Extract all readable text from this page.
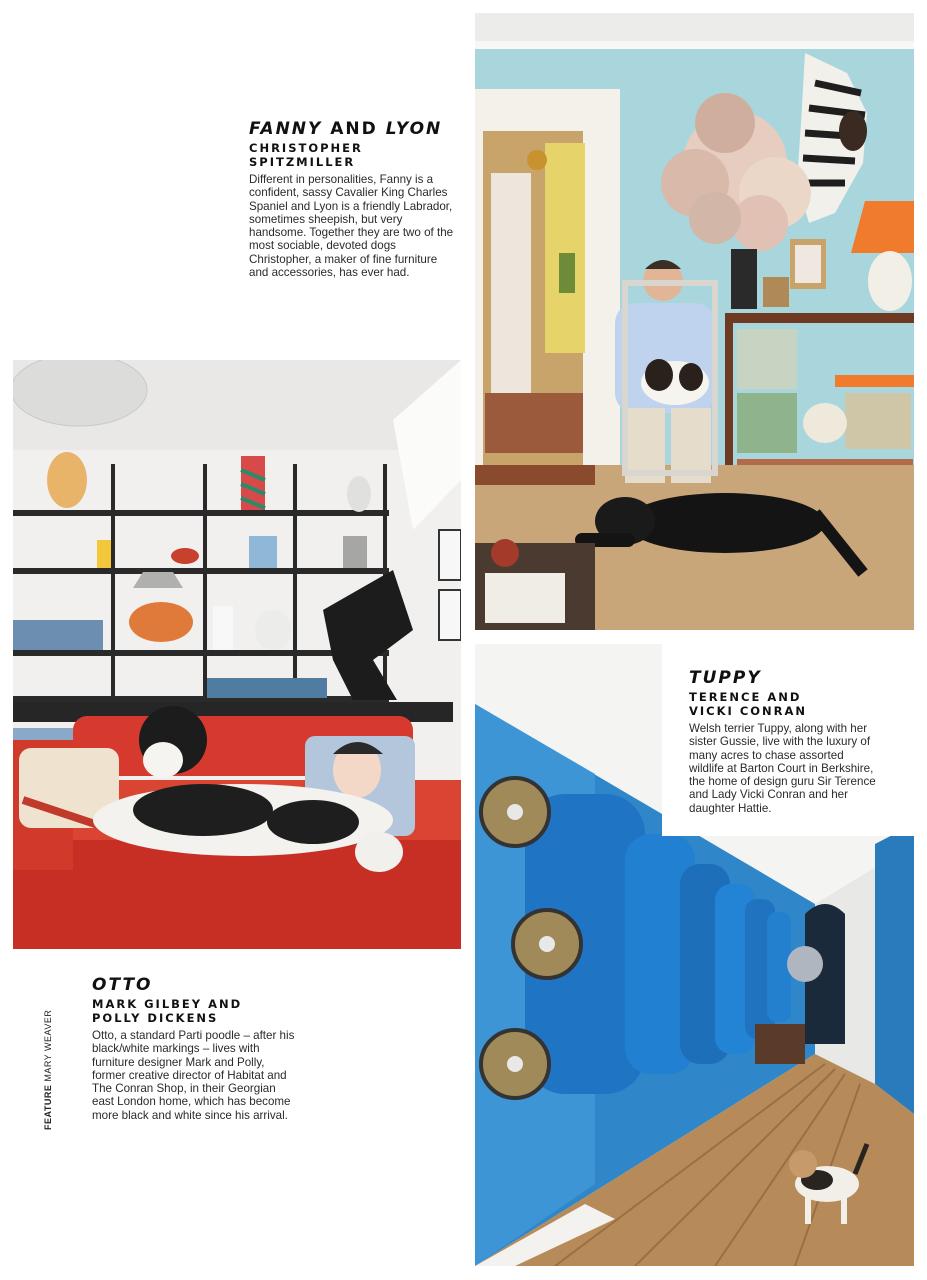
FANNY AND LYON
CHRISTOPHER
SPITZMILLER

Different in personalities, Fanny is a confident, sassy Cavalier King Charles Spaniel and Lyon is a friendly Labrador, sometimes sheepish, but very handsome. Together they are two of the most sociable, devoted dogs Christopher, a maker of fine furniture and accessories, has ever had.

OTTO
MARK GILBEY AND
POLLY DICKENS

Otto, a standard Parti poodle – after his black/white markings – lives with furniture designer Mark and Polly, former creative director of Habitat and The Conran Shop, in their Georgian east London home, which has become more black and white since his arrival.

TUPPY
TERENCE AND
VICKI CONRAN

Welsh terrier Tuppy, along with her sister Gussie, live with the luxury of many acres to chase assorted wildlife at Barton Court in Berkshire, the home of design guru Sir Terence and Lady Vicki Conran and her daughter Hattie.

FEATURE MARY WEAVER
